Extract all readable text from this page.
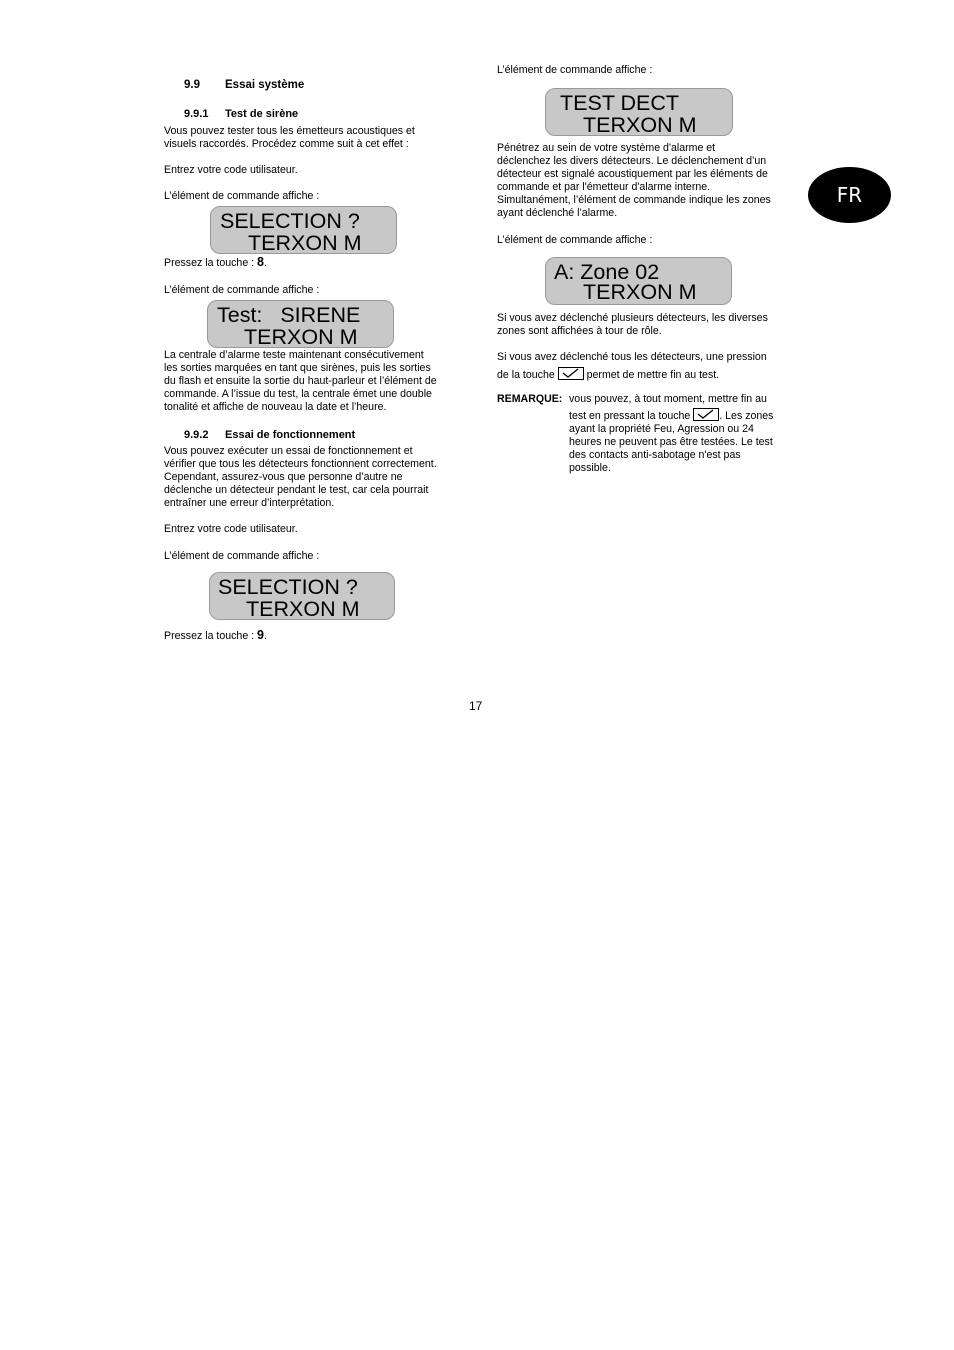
9.9 Essai système
9.9.1 Test de sirène
Vous pouvez tester tous les émetteurs acoustiques et
visuels raccordés. Procédez comme suit à cet effet :
Entrez votre code utilisateur.
L’élément de commande affiche :
SELECTION ?
TERXON M
Pressez la touche : 8.
L’élément de commande affiche :
Test:   SIRENE
TERXON M
La centrale d’alarme teste maintenant consécutivement
les sorties marquées en tant que sirènes, puis les sorties
du flash et ensuite la sortie du haut-parleur et l’élément de
commande. A l’issue du test, la centrale émet une double
tonalité et affiche de nouveau la date et l’heure.
9.9.2 Essai de fonctionnement
Vous pouvez exécuter un essai de fonctionnement et
vérifier que tous les détecteurs fonctionnent correctement.
Cependant, assurez-vous que personne d’autre ne
déclenche un détecteur pendant le test, car cela pourrait
entraîner une erreur d’interprétation.
Entrez votre code utilisateur.
L’élément de commande affiche :
SELECTION ?
TERXON M
Pressez la touche : 9.
L’élément de commande affiche :
TEST DECT
TERXON M
Pénétrez au sein de votre système d'alarme et
déclenchez les divers détecteurs. Le déclenchement d’un
détecteur est signalé acoustiquement par les éléments de
commande et par l'émetteur d'alarme interne.
Simultanément, l’élément de commande indique les zones
ayant déclenché l’alarme.
L’élément de commande affiche :
A: Zone 02
TERXON M
Si vous avez déclenché plusieurs détecteurs, les diverses
zones sont affichées à tour de rôle.
Si vous avez déclenché tous les détecteurs, une pression
de la touche	permet de mettre fin au test.
REMARQUE: vous pouvez, à tout moment, mettre fin au
test en pressant la touche	. Les zones
ayant la propriété Feu, Agression ou 24
heures ne peuvent pas être testées. Le test
des contacts anti-sabotage n'est pas
possible.
FR
17
